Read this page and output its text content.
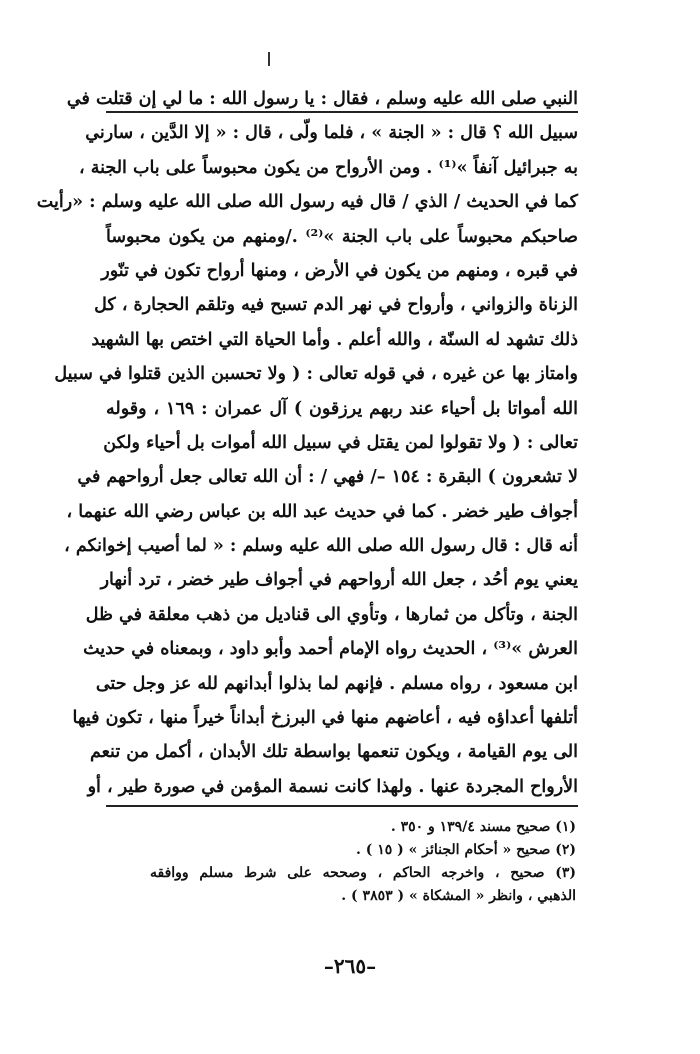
النبي صلى الله عليه وسلم ، فقال : يا رسول الله : ما لي إن قتلت في
سبيل الله ؟ قال : « الجنة » ، فلما ولّى ، قال : « إلا الدَّين ، سارني
به جبرائيل آنفاً »⁽¹⁾ . ومن الأرواح من يكون محبوساً على باب الجنة ،
كما في الحديث / الذي / قال فيه رسول الله صلى الله عليه وسلم : «رأيت
صاحبكم محبوساً على باب الجنة »⁽²⁾ ./ومنهم من يكون محبوساً
في قبره ، ومنهم من يكون في الأرض ، ومنها أرواح تكون في تنّور
الزناة والزواني ، وأرواح في نهر الدم تسبح فيه وتلقم الحجارة ، كل
ذلك تشهد له السنّة ، والله أعلم . وأما الحياة التي اختص بها الشهيد
وامتاز بها عن غيره ، في قوله تعالى : ( ولا تحسبن الذين قتلوا في سبيل
الله أمواتا بل أحياء عند ربهم يرزقون ) آل عمران : ١٦٩ ، وقوله
تعالى : ( ولا تقولوا لمن يقتل في سبيل الله أموات بل أحياء ولكن
لا تشعرون ) البقرة : ١٥٤ –/ فهي / : أن الله تعالى جعل أرواحهم في
أجواف طير خضر . كما في حديث عبد الله بن عباس رضي الله عنهما ،
أنه قال : قال رسول الله صلى الله عليه وسلم : « لما أصيب إخوانكم ،
يعني يوم أحُد ، جعل الله أرواحهم في أجواف طير خضر ، ترد أنهار
الجنة ، وتأكل من ثمارها ، وتأوي الى قناديل من ذهب معلقة في ظل
العرش »⁽³⁾ ، الحديث رواه الإمام أحمد وأبو داود ، وبمعناه في حديث
ابن مسعود ، رواه مسلم . فإنهم لما بذلوا أبدانهم لله عز وجل حتى
أتلفها أعداؤه فيه ، أعاضهم منها في البرزخ أبداناً خيراً منها ، تكون فيها
الى يوم القيامة ، ويكون تنعمها بواسطة تلك الأبدان ، أكمل من تنعم
الأرواح المجردة عنها . ولهذا كانت نسمة المؤمن في صورة طير ، أو
(١) صحيح مسند ١٣٩/٤ و ٣٥٠ .
(٢) صحيح « أحكام الجنائز » ( ١٥ ) .
(٣) صحيح ، واخرجه الحاكم ، وصححه على شرط مسلم ووافقه
الذهبي ، وانظر « المشكاة » ( ٣٨٥٣ ) .
–٢٦٥–
